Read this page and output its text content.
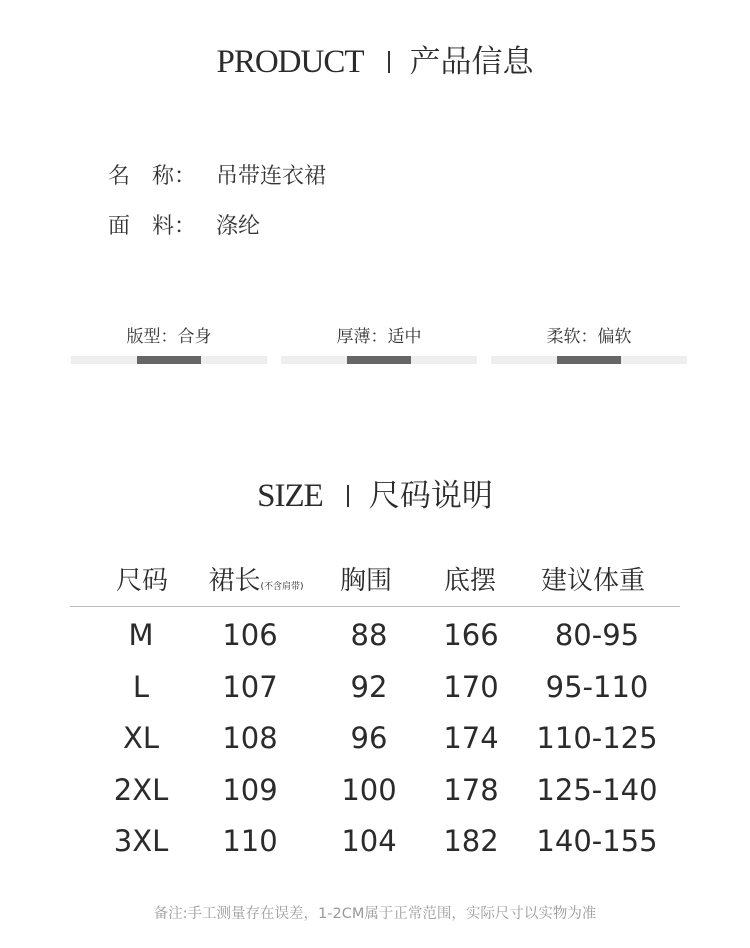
PRODUCT 产品信息
名　称： 吊带连衣裙
面　料： 涤纶
版型：合身	厚薄：适中	柔软：偏软
SIZE 尺码说明
尺码 裙长(不含肩带) 胸围 底摆 建议体重
M 106	88 166 80-95
L	107	92 170 95-110
XL 108	96 174 110-125
2XL 109 100 178 125-140
3XL 110 104 182 140-155
备注:手工测量存在误差，1-2CM属于正常范围，实际尺寸以实物为准
